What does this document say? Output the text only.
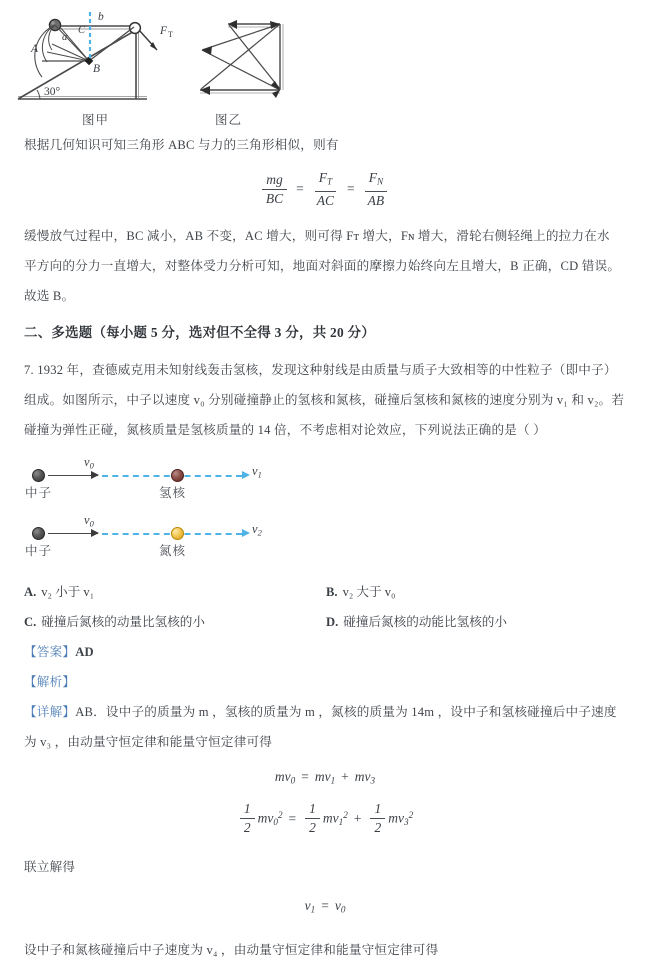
A
B
C
a
b
30°
F T
图甲	图乙
根据几何知识可知三角形 ABC 与力的三角形相似，则有
$\frac{mg}{BC} = \frac{F_T}{AC} = \frac{F_N}{AB}$
缓慢放气过程中，BC 减小，AB 不变，AC 增大，则可得 Fᴛ 增大，Fɴ 增大，滑轮右侧轻绳上的拉力在水
平方向的分力一直增大，对整体受力分析可知，地面对斜面的摩擦力始终向左且增大，B 正确，CD 错误。
故选 B。
二、多选题（每小题 5 分，选对但不全得 3 分，共 20 分）
7. 1932 年，查德威克用未知射线轰击氢核，发现这种射线是由质量与质子大致相等的中性粒子（即中子）
组成。如图所示，中子以速度 v₀ 分别碰撞静止的氢核和氮核，碰撞后氢核和氮核的速度分别为 v₁ 和 v₂。若
碰撞为弹性正碰，氮核质量是氢核质量的 14 倍，不考虑相对论效应，下列说法正确的是（ ）
$v_0$	$v_1$
中子	氢核
$v_0$	$v_2$
中子	氮核
A. v₂ 小于 v₁	B. v₂ 大于 v₀
C. 碰撞后氮核的动量比氢核的小	D. 碰撞后氮核的动能比氢核的小
【答案】AD
【解析】
【详解】AB．设中子的质量为 m ，氢核的质量为 m ，氮核的质量为 14m ，设中子和氢核碰撞后中子速度
为 v₃ ，由动量守恒定律和能量守恒定律可得
$mv_0 = mv_1 + mv_3$
$\frac{1}{2} mv_0^2 = \frac{1}{2} mv_1^2 + \frac{1}{2} mv_3^2$
联立解得
$v_1 = v_0$
设中子和氮核碰撞后中子速度为 v₄ ，由动量守恒定律和能量守恒定律可得
